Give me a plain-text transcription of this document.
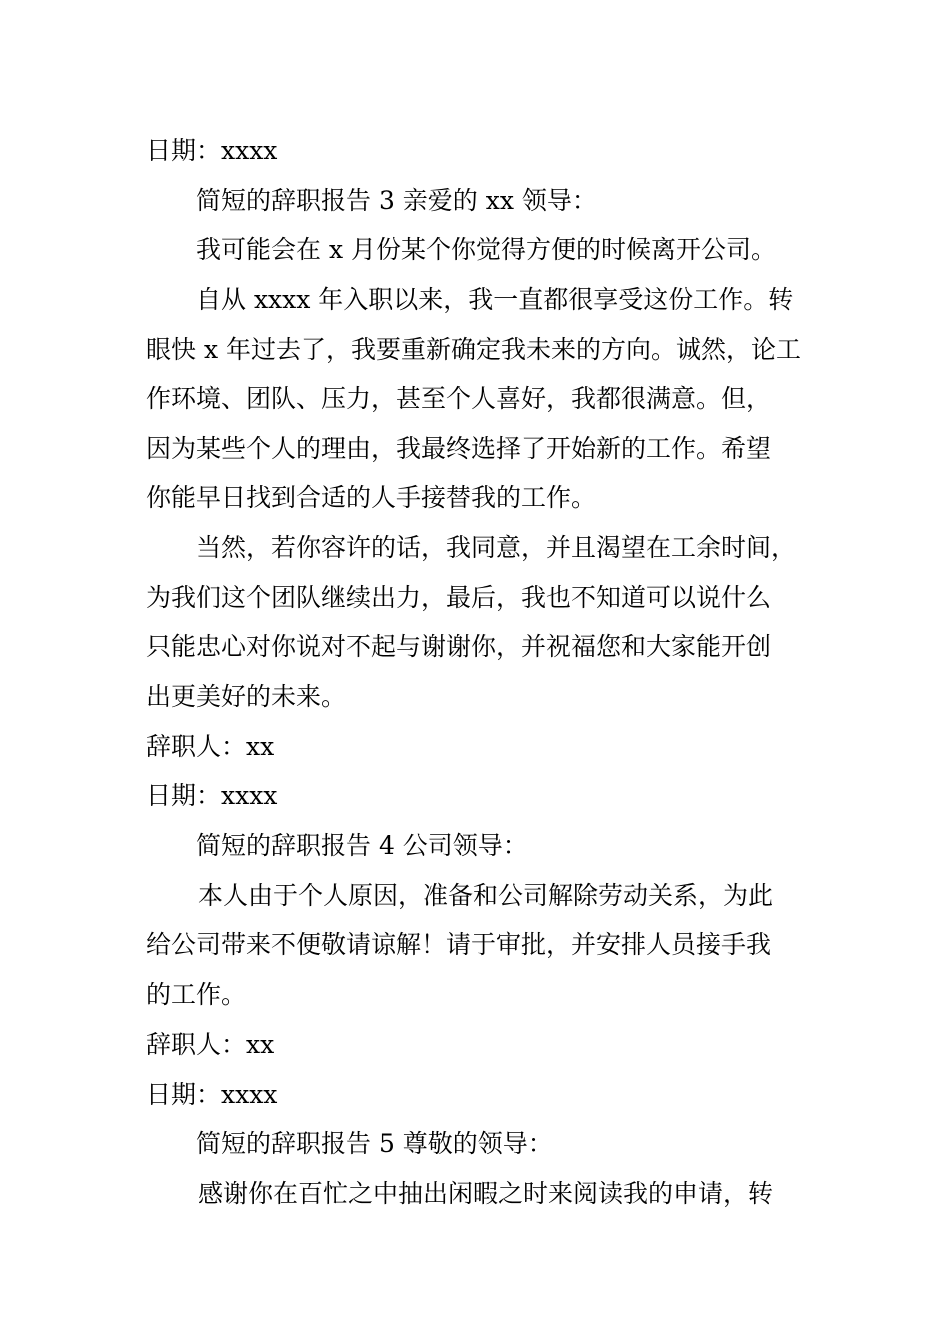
日期：xxxx

简短的辞职报告 3 亲爱的 xx 领导：

我可能会在 x 月份某个你觉得方便的时候离开公司。

自从 xxxx 年入职以来，我一直都很享受这份工作。转

眼快 x 年过去了，我要重新确定我未来的方向。诚然，论工

作环境、团队、压力，甚至个人喜好，我都很满意。但，

因为某些个人的理由，我最终选择了开始新的工作。希望

你能早日找到合适的人手接替我的工作。

当然，若你容许的话，我同意，并且渴望在工余时间，

为我们这个团队继续出力，最后，我也不知道可以说什么

只能忠心对你说对不起与谢谢你，并祝福您和大家能开创

出更美好的未来。

辞职人：xx

日期：xxxx

简短的辞职报告 4 公司领导：

本人由于个人原因，准备和公司解除劳动关系，为此

给公司带来不便敬请谅解！请于审批，并安排人员接手我

的工作。

辞职人：xx

日期：xxxx

简短的辞职报告 5 尊敬的领导：

感谢你在百忙之中抽出闲暇之时来阅读我的申请，转
